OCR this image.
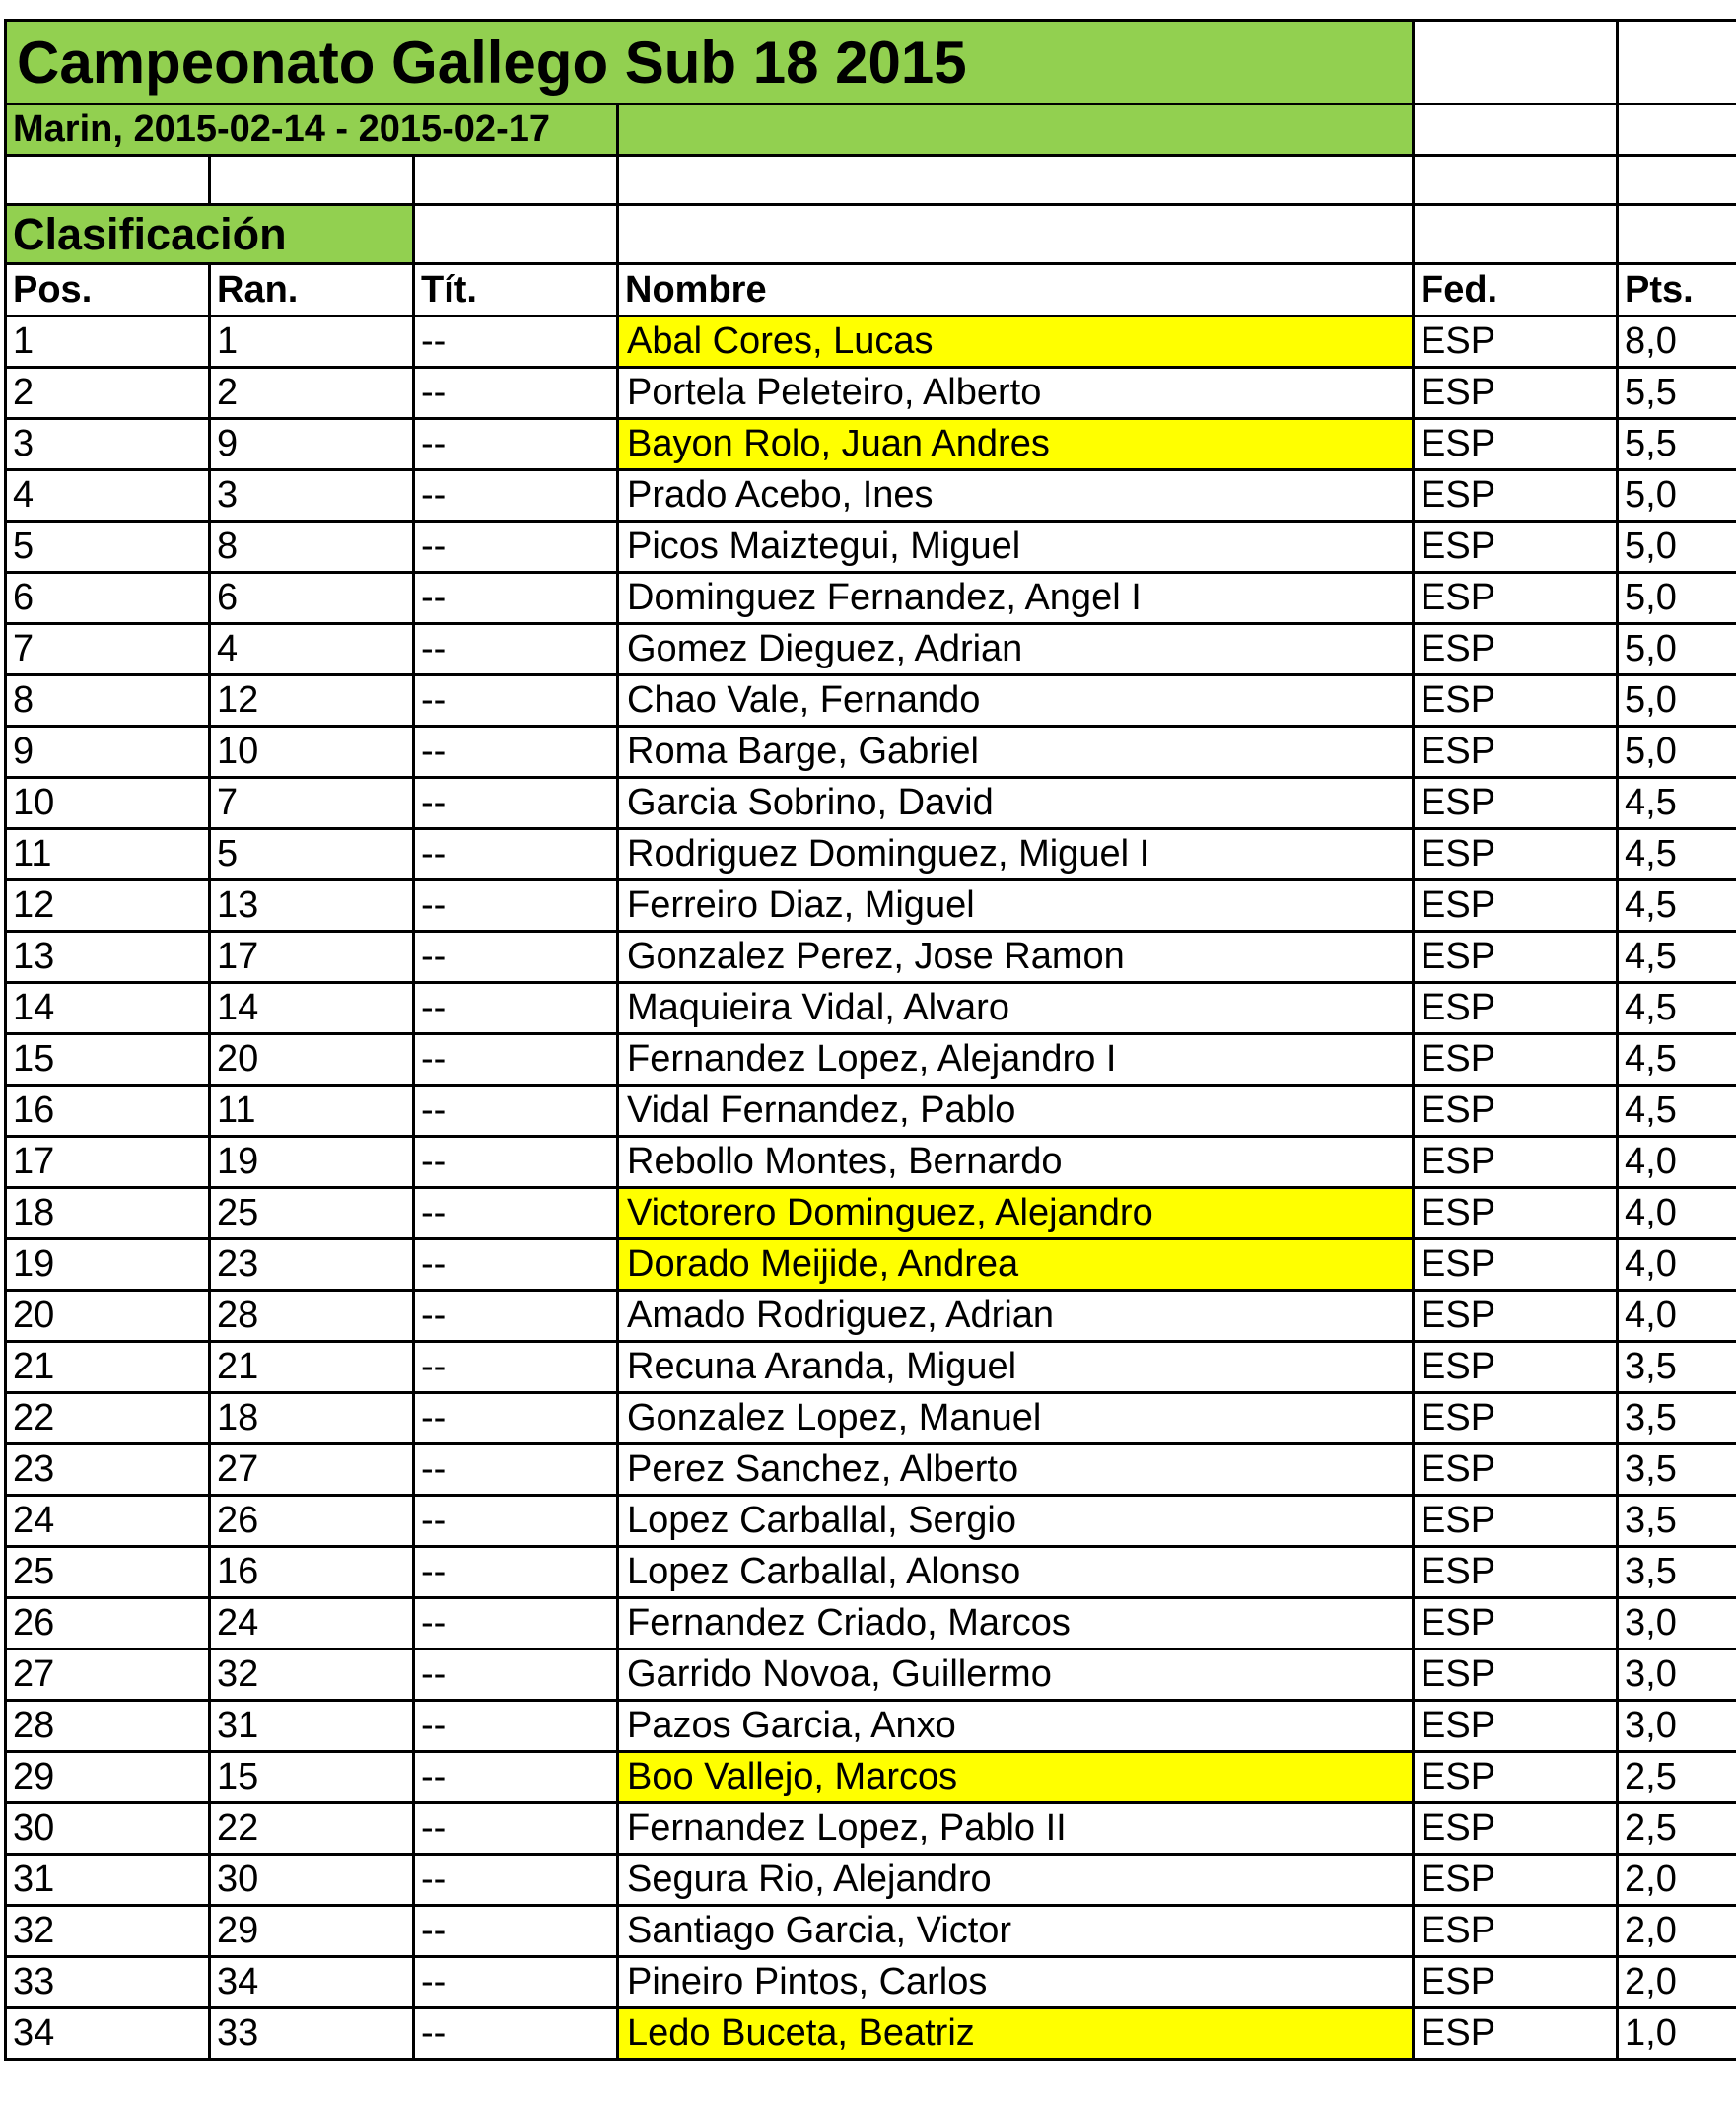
Campeonato Gallego Sub 18 2015
Marin, 2015-02-14 - 2015-02-17
Clasificación
Pos.	Ran.	Tít.	Nombre	Fed.	Pts.
1	1	--	Abal Cores, Lucas	ESP	8,0
2	2	--	Portela Peleteiro, Alberto	ESP	5,5
3	9	--	Bayon Rolo, Juan Andres	ESP	5,5
4	3	--	Prado Acebo, Ines	ESP	5,0
5	8	--	Picos Maiztegui, Miguel	ESP	5,0
6	6	--	Dominguez Fernandez, Angel I	ESP	5,0
7	4	--	Gomez Dieguez, Adrian	ESP	5,0
8	12	--	Chao Vale, Fernando	ESP	5,0
9	10	--	Roma Barge, Gabriel	ESP	5,0
10	7	--	Garcia Sobrino, David	ESP	4,5
11	5	--	Rodriguez Dominguez, Miguel I	ESP	4,5
12	13	--	Ferreiro Diaz, Miguel	ESP	4,5
13	17	--	Gonzalez Perez, Jose Ramon	ESP	4,5
14	14	--	Maquieira Vidal, Alvaro	ESP	4,5
15	20	--	Fernandez Lopez, Alejandro I	ESP	4,5
16	11	--	Vidal Fernandez, Pablo	ESP	4,5
17	19	--	Rebollo Montes, Bernardo	ESP	4,0
18	25	--	Victorero Dominguez, Alejandro	ESP	4,0
19	23	--	Dorado Meijide, Andrea	ESP	4,0
20	28	--	Amado Rodriguez, Adrian	ESP	4,0
21	21	--	Recuna Aranda, Miguel	ESP	3,5
22	18	--	Gonzalez Lopez, Manuel	ESP	3,5
23	27	--	Perez Sanchez, Alberto	ESP	3,5
24	26	--	Lopez Carballal, Sergio	ESP	3,5
25	16	--	Lopez Carballal, Alonso	ESP	3,5
26	24	--	Fernandez Criado, Marcos	ESP	3,0
27	32	--	Garrido Novoa, Guillermo	ESP	3,0
28	31	--	Pazos Garcia, Anxo	ESP	3,0
29	15	--	Boo Vallejo, Marcos	ESP	2,5
30	22	--	Fernandez Lopez, Pablo II	ESP	2,5
31	30	--	Segura Rio, Alejandro	ESP	2,0
32	29	--	Santiago Garcia, Victor	ESP	2,0
33	34	--	Pineiro Pintos, Carlos	ESP	2,0
34	33	--	Ledo Buceta, Beatriz	ESP	1,0
